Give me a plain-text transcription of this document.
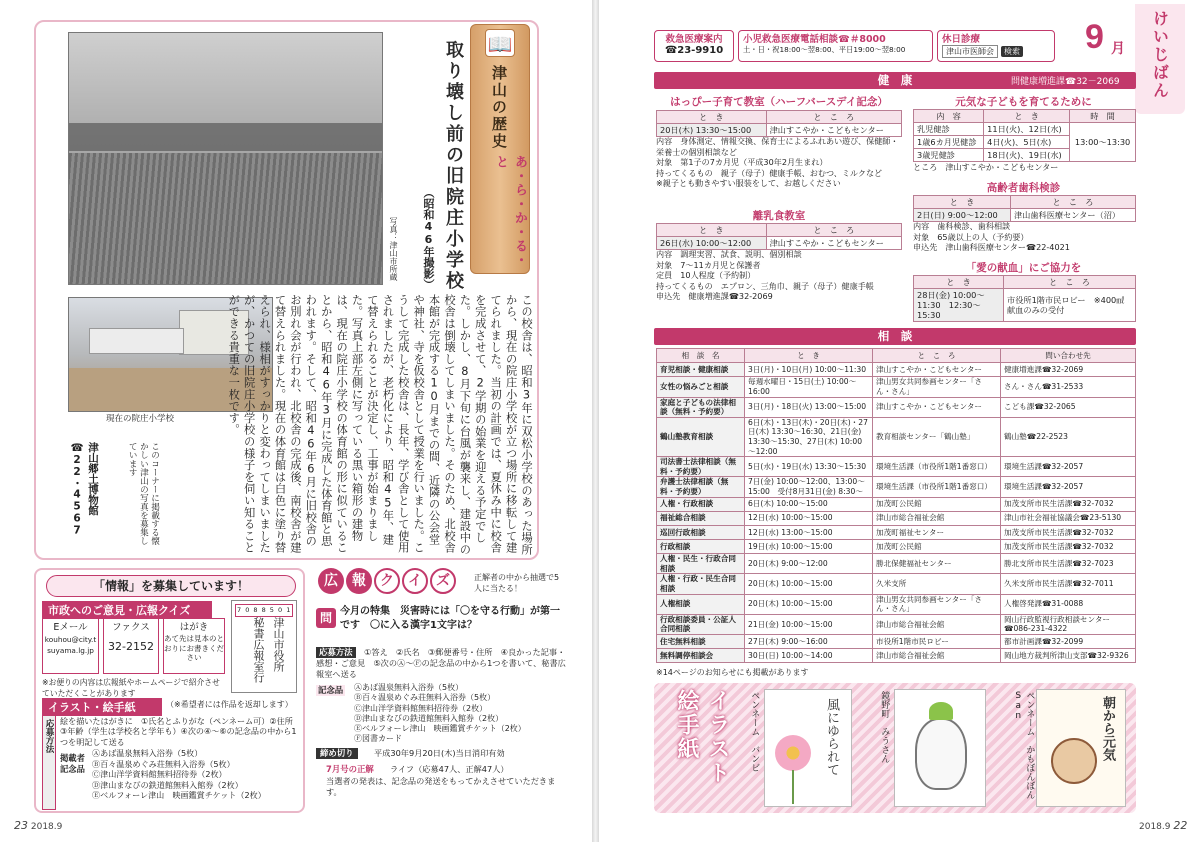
現在の院庄小学校
📖
津山の歴史
あ・ら・か・る・と
取り壊し前の旧院庄小学校
（昭和46年撮影）
写真：津山市所蔵
この校舎は、昭和3年に双松小学校のあった場所から、現在の院庄小学校が立つ場所に移転して建てられました。当初の計画では、夏休み中に校舎を完成させて、2学期の始業を迎える予定でした。しかし、8月下旬に台風が襲来し、建設中の校舎は倒壊してしまいました。そのため、北校舎本館が完成する10月までの間、近隣の公会堂や神社、寺を仮校舎として授業を行いました。こうして完成した校舎は、長年、学び舎として使用されましたが、老朽化により、昭和45年、建て替えられることが決定し、工事が始まりました。写真上部左側に写っている黒い箱形の建物は、現在の院庄小学校の体育館の形に似ていることから、昭和46年3月に完成した体育館と思われます。そして、昭和46年6月に旧校舎のお別れ会が行われ、北校舎の完成後、南校舎が建て替えられました。現在の体育館は白色に塗り替えられ、様相がすっかりと変わってしまいましたが、かつての旧院庄小学校の様子を伺い知ることができる貴重な一枚です。
このコーナーに掲載する懐かしい津山の写真を募集しています
津山郷土博物館
☎22・4567
「情報」を募集しています！
市政へのご意見・広報クイズ
Eメール
kouhou@city.tsuyama.lg.jp
ファクス
32-2152
はがき
あて先は見本のとおりにお書きください
7 0 8 8 5 0 1
津山市役所
秘書広報室行
※お便りの内容は広報紙やホームページで紹介させていただくことがあります
イラスト・絵手紙	（※希望者には作品を返却します）
応募方法 絵を描いたはがきに　①氏名とふりがな（ペンネーム可）②住所　③年齢（学生は学校名と学年も）④次の④～⑥の記念品の中から1つを明記して送る
掲載者記念品
Ⓐあば温泉無料入浴券（5枚）
Ⓑ百々温泉めぐみ荘無料入浴券（5枚）
Ⓒ津山洋学資料館無料招待券（2枚）
Ⓓ津山まなびの鉄道館無料入館券（2枚）
Ⓔベルフォーレ津山　映画鑑賞チケット（2枚）
広 報 ク イ ズ	正解者の中から抽選で5人に当たる！
問 今月の特集　災害時には「〇を守る行動」が第一です　〇に入る漢字1文字は？
応募方法	①答え　②氏名　③郵便番号・住所　④良かった記事・感想・ご意見　⑤次のⒶ～Ⓕの記念品の中から1つを書いて、秘書広報室へ送る
記念品 Ⓐあば温泉無料入浴券（5枚）
Ⓑ百々温泉めぐみ荘無料入浴券（5枚）
Ⓒ津山洋学資料館無料招待券（2枚）
Ⓓ津山まなびの鉄道館無料入館券（2枚）
Ⓔベルフォーレ津山　映画鑑賞チケット（2枚）
Ⓕ図書カード
締め切り	平成30年9月20日(木)当日消印有効
7月号の正解 ライフ（応募47人、正解47人）
当選者の発表は、記念品の発送をもってかえさせていただきます。
23 2018.9
救急医療案内
☎23-9910
小児救急医療電話相談☎＃8000
土・日・祝18:00～翌8:00、平日19:00～翌8:00
休日診療
津山市医師会	検索 9 月 けいじばん
健　康	問健康増進課☎32－2069
はっぴー子育て教室（ハーフバースデイ記念）
と　き	と　こ　ろ
20日(木) 13:30～15:00	津山すこやか・こどもセンター
内容　身体測定、情報交換、保育士によるふれあい遊び、保健師・栄養士の個別相談など
対象　第1子の7カ月児（平成30年2月生まれ）
持ってくるもの　親子（母子）健康手帳、おむつ、ミルクなど
※親子とも動きやすい服装をして、お越しください
離乳食教室
と　き	と　こ　ろ
26日(水) 10:00～12:00	津山すこやか・こどもセンター
内容　調理実習、試食、説明、個別相談
対象　7～11カ月児と保護者
定員　10人程度（予約制）
持ってくるもの　エプロン、三角巾、親子（母子）健康手帳
申込先　健康増進課☎32-2069
元気な子どもを育てるために
内　容	と　き	時　間
乳児健診	11日(火)、12日(水)	13:00～13:30
1歳6カ月児健診	4日(火)、5日(水)	
3歳児健診	18日(火)、19日(水)	
ところ　津山すこやか・こどもセンター
高齢者歯科検診
と　き	と　こ　ろ
2日(日) 9:00～12:00	津山歯科医療センター（沼）
内容　歯科検診、歯科相談
対象　65歳以上の人（予約要）
申込先　津山歯科医療センター☎22-4021
「愛の献血」にご協力を
と　き	と　こ　ろ
28日(金) 10:00～11:30　12:30～15:30	市役所1階市民ロビー　※400㎖献血のみの受付
相　談
相　談　名	と　き	と　こ　ろ	問い合わせ先
育児相談・健康相談	3日(月)・10日(月) 10:00～11:30	津山すこやか・こどもセンター	健康増進課☎32-2069
女性の悩みごと相談	毎週水曜日・15日(土) 10:00～16:00	津山男女共同参画センター「さん・さん」	さん・さん☎31-2533
家庭と子どもの法律相談（無料・予約要）	3日(月)・18日(火) 13:00～15:00	津山すこやか・こどもセンター	こども課☎32-2065
鶴山塾教育相談	6日(木)・13日(木)・20日(木)・27日(木) 13:30～16:30、21日(金) 13:30～15:30、27日(木) 10:00～12:00	教育相談センター「鶴山塾」	鶴山塾☎22-2523
司法書士法律相談（無料・予約要）	5日(水)・19日(水) 13:30～15:30	環境生活課（市役所1階1番窓口）	環境生活課☎32-2057
弁護士法律相談（無料・予約要）	7日(金) 10:00～12:00、13:00～15:00　受付8月31日(金) 8:30～	環境生活課（市役所1階1番窓口）	環境生活課☎32-2057
人権・行政相談	6日(木) 10:00～15:00	加茂町公民館	加茂支所市民生活課☎32-7032
福祉総合相談	12日(水) 10:00～15:00	津山市総合福祉会館	津山市社会福祉協議会☎23-5130
巡回行政相談	12日(水) 13:00～15:00	加茂町福祉センター	加茂支所市民生活課☎32-7032
行政相談	19日(水) 10:00～15:00	加茂町公民館	加茂支所市民生活課☎32-7032
人権・民生・行政合同相談	20日(木) 9:00～12:00	勝北保健福祉センター	勝北支所市民生活課☎32-7023
人権・行政・民生合同相談	20日(木) 10:00～15:00	久米支所	久米支所市民生活課☎32-7011
人権相談	20日(木) 10:00～15:00	津山男女共同参画センター「さん・さん」	人権啓発課☎31-0088
行政相談委員・公証人合同相談	21日(金) 10:00～15:00	津山市総合福祉会館	岡山行政監視行政相談センター☎086-231-4322
住宅無料相談	27日(木) 9:00～16:00	市役所1階市民ロビー	都市計画課☎32-2099
無料調停相談会	30日(日) 10:00～14:00	津山市総合福祉会館	岡山地方裁判所津山支部☎32-9326
※14ページのお知らせにも掲載があります
イラスト絵手紙	ペンネーム　バンビ	風にゆられて	鏡野町　みうさん	ペンネーム　かもぼんぼんSan	朝から元気
2018.9 22
